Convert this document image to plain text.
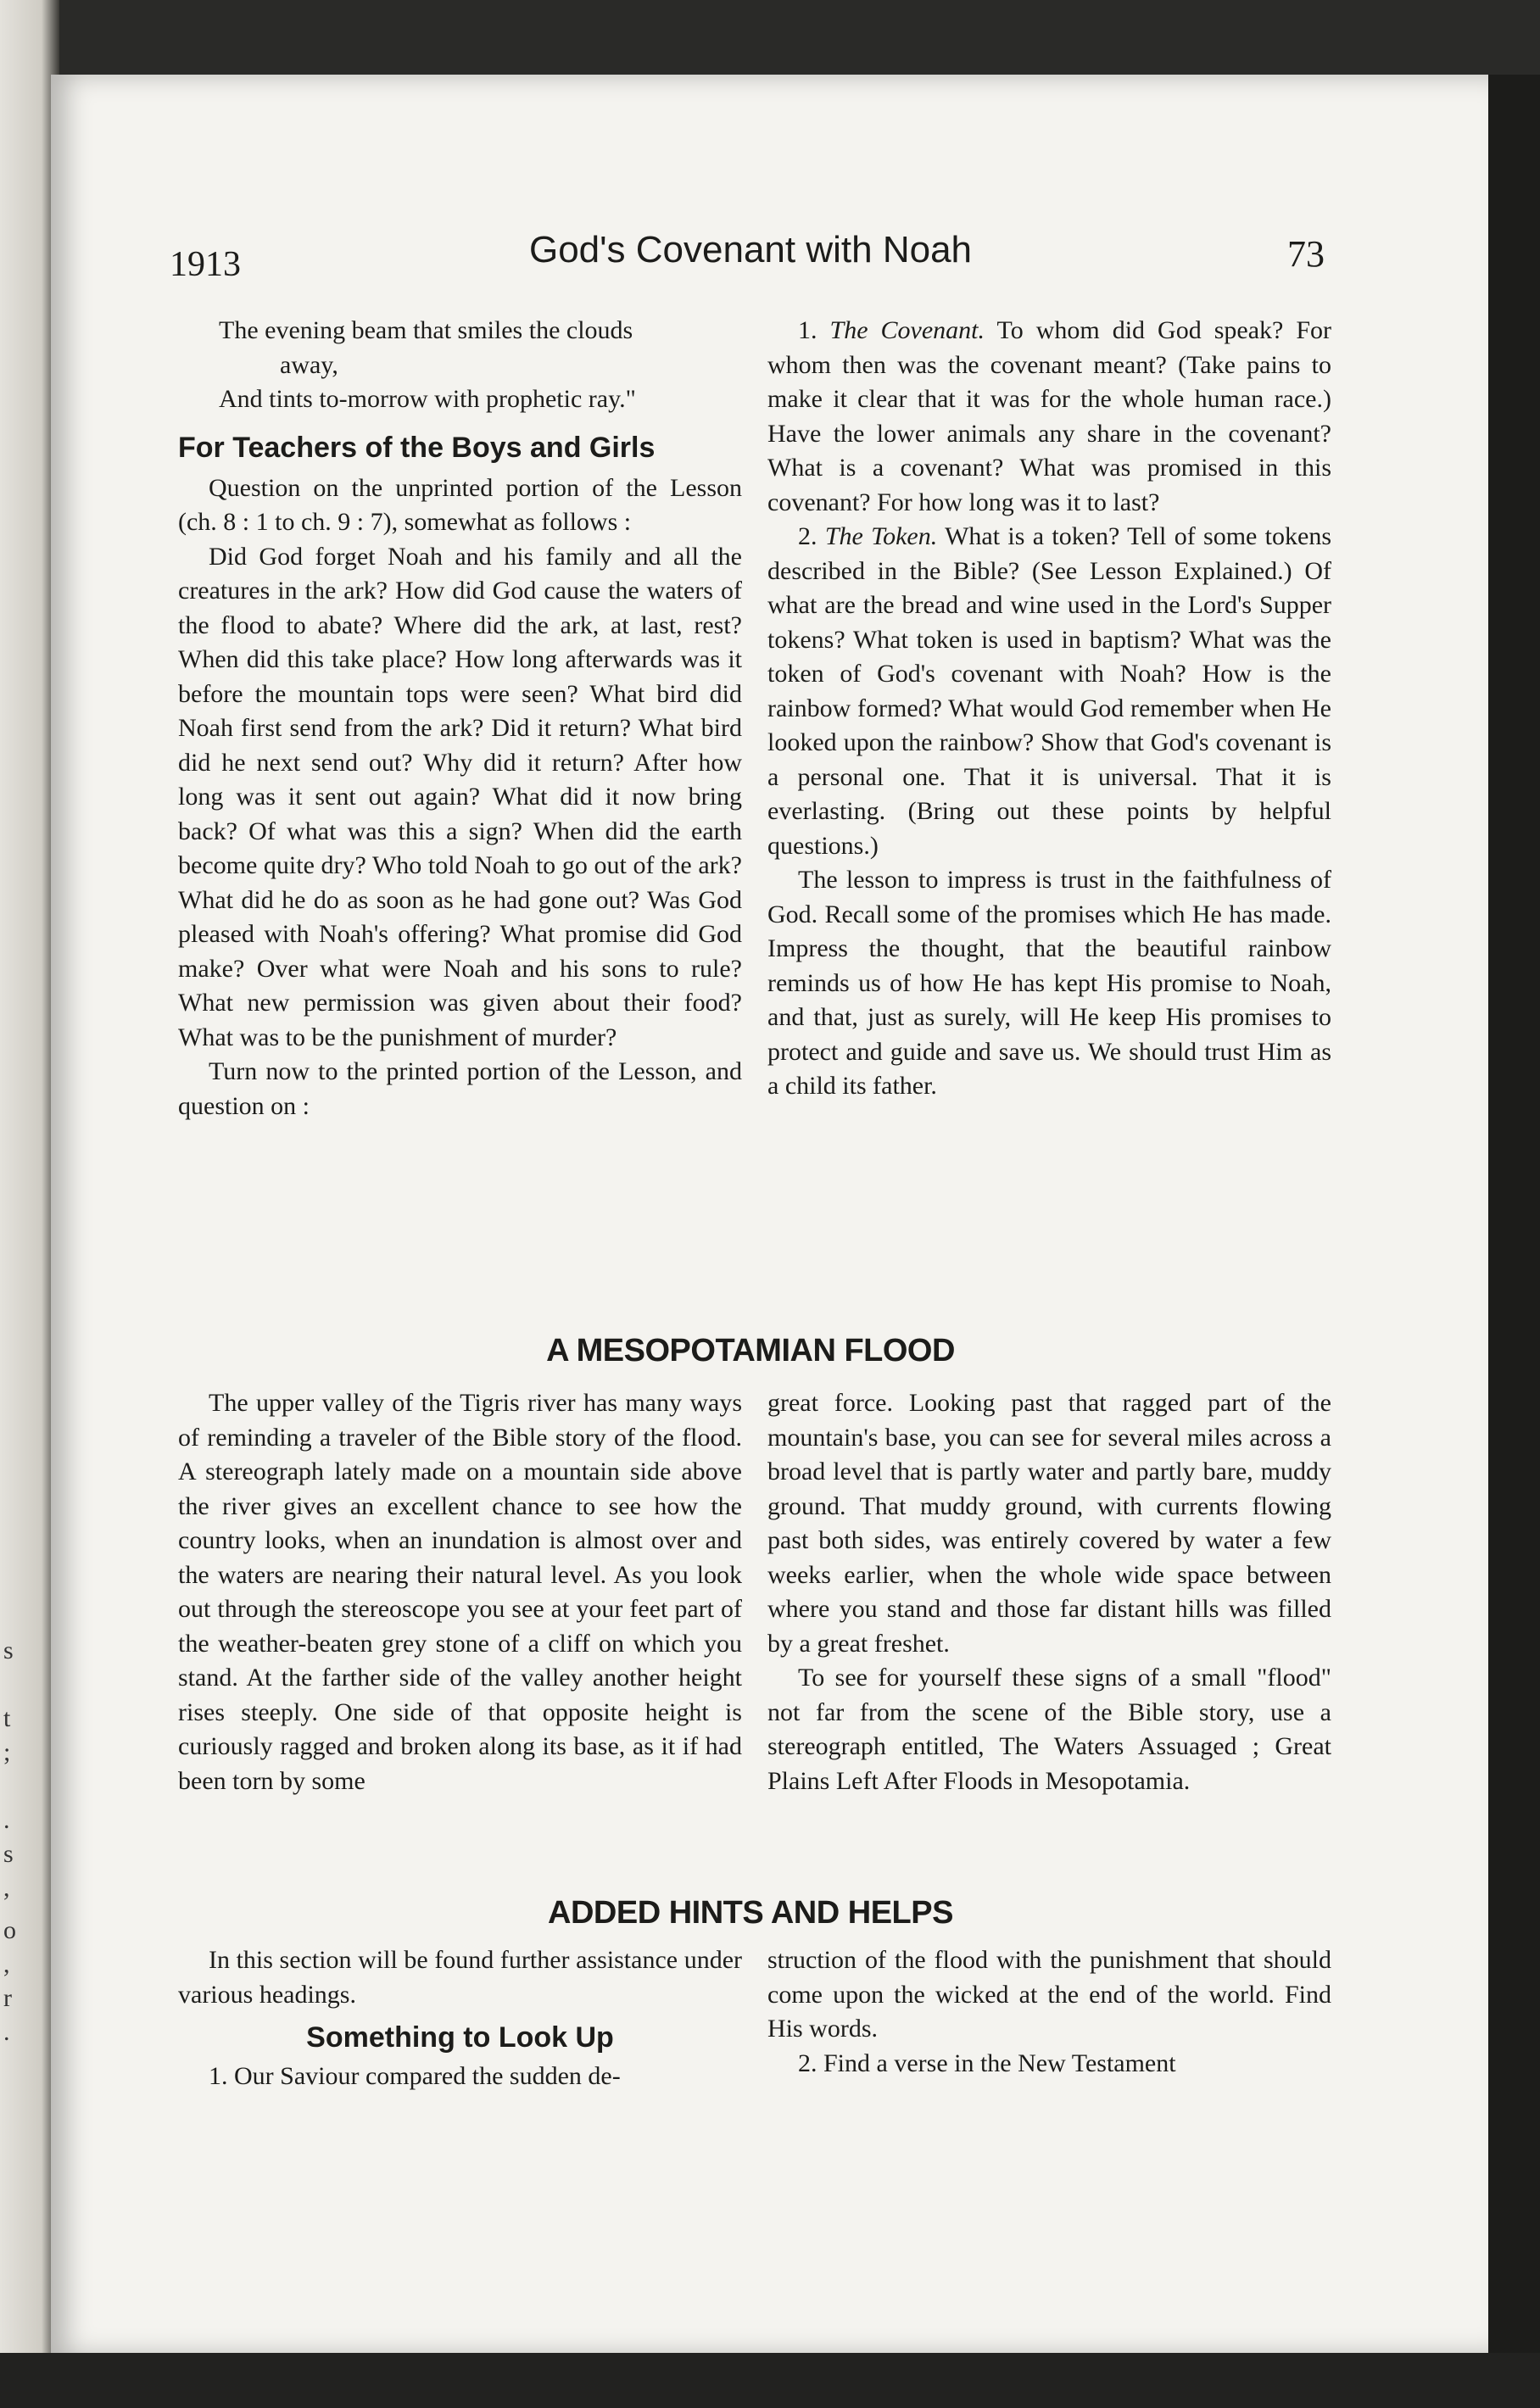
s
t
;
.
s
,
o
,
r
.
1913	God's Covenant with Noah	73

The evening beam that smiles the clouds

away,

And tints to-morrow with prophetic ray."

For Teachers of the Boys and Girls

Question on the unprinted portion of the Lesson (ch. 8 : 1 to ch. 9 : 7), somewhat as follows :

Did God forget Noah and his family and all the creatures in the ark? How did God cause the waters of the flood to abate? Where did the ark, at last, rest? When did this take place? How long afterwards was it before the mountain tops were seen? What bird did Noah first send from the ark? Did it return? What bird did he next send out? Why did it return? After how long was it sent out again? What did it now bring back? Of what was this a sign? When did the earth become quite dry? Who told Noah to go out of the ark? What did he do as soon as he had gone out? Was God pleased with Noah's offering? What promise did God make? Over what were Noah and his sons to rule? What new permission was given about their food? What was to be the punishment of murder?

Turn now to the printed portion of the Lesson, and question on :

1. The Covenant. To whom did God speak? For whom then was the covenant meant? (Take pains to make it clear that it was for the whole human race.) Have the lower animals any share in the covenant? What is a covenant? What was promised in this covenant? For how long was it to last?

2. The Token. What is a token? Tell of some tokens described in the Bible? (See Lesson Explained.) Of what are the bread and wine used in the Lord's Supper tokens? What token is used in baptism? What was the token of God's covenant with Noah? How is the rainbow formed? What would God remember when He looked upon the rainbow? Show that God's covenant is a personal one. That it is universal. That it is everlasting. (Bring out these points by helpful questions.)

The lesson to impress is trust in the faithfulness of God. Recall some of the promises which He has made. Impress the thought, that the beautiful rainbow reminds us of how He has kept His promise to Noah, and that, just as surely, will He keep His promises to protect and guide and save us. We should trust Him as a child its father.

A MESOPOTAMIAN FLOOD

The upper valley of the Tigris river has many ways of reminding a traveler of the Bible story of the flood. A stereograph lately made on a mountain side above the river gives an excellent chance to see how the country looks, when an inundation is almost over and the waters are nearing their natural level. As you look out through the stereoscope you see at your feet part of the weather-beaten grey stone of a cliff on which you stand. At the farther side of the valley another height rises steeply. One side of that opposite height is curiously ragged and broken along its base, as it if had been torn by some

great force. Looking past that ragged part of the mountain's base, you can see for several miles across a broad level that is partly water and partly bare, muddy ground. That muddy ground, with currents flowing past both sides, was entirely covered by water a few weeks earlier, when the whole wide space between where you stand and those far distant hills was filled by a great freshet.

To see for yourself these signs of a small "flood" not far from the scene of the Bible story, use a stereograph entitled, The Waters Assuaged ; Great Plains Left After Floods in Mesopotamia.

ADDED HINTS AND HELPS

In this section will be found further assistance under various headings.

Something to Look Up

1. Our Saviour compared the sudden de-

struction of the flood with the punishment that should come upon the wicked at the end of the world. Find His words.

2. Find a verse in the New Testament
